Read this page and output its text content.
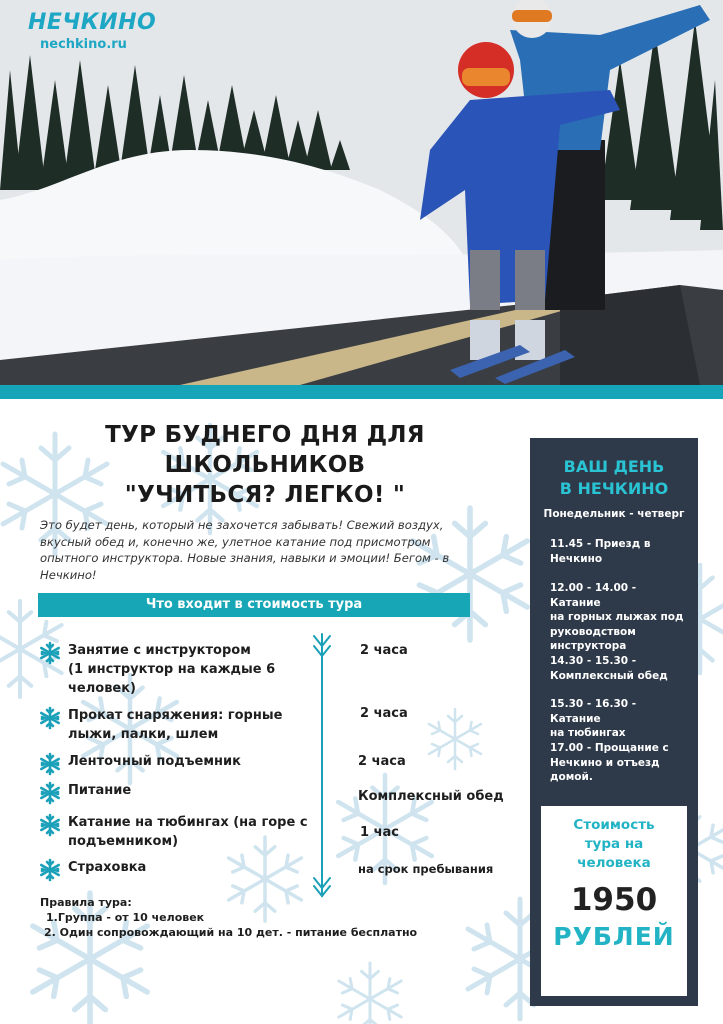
НЕЧКИНО
nechkino.ru
ТУР БУДНЕГО ДНЯ ДЛЯ
ШКОЛЬНИКОВ
"УЧИТЬСЯ? ЛЕГКО! "
Это будет день, который не захочется забывать! Свежий воздух, вкусный обед и, конечно же, улетное катание под присмотром опытного инструктора. Новые знания, навыки и эмоции! Бегом - в Нечкино!
Что входит в стоимость тура
Занятие с инструктором
(1 инструктор на каждые 6
человек)
2 часа
Прокат снаряжения: горные
лыжи, палки, шлем
2 часа
Ленточный подъемник	2 часа
Питание	Комплексный обед
Катание на тюбингах (на горе с
подъемником)
1 час
Страховка	на срок пребывания
Правила тура:
1.Группа - от 10 человек
2. Один сопровождающий на 10 дет. - питание бесплатно
ВАШ ДЕНЬ
В НЕЧКИНО
Понедельник - четверг
11.45 - Приезд в
Нечкино
12.00 - 14.00 - Катание
на горных лыжах под
руководством
инструктора
14.30 - 15.30 -
Комплексный обед
15.30 - 16.30 - Катание
на тюбингах
17.00 - Прощание с
Нечкино и отъезд
домой.
Стоимость
тура на
человека
1950
РУБЛЕЙ
